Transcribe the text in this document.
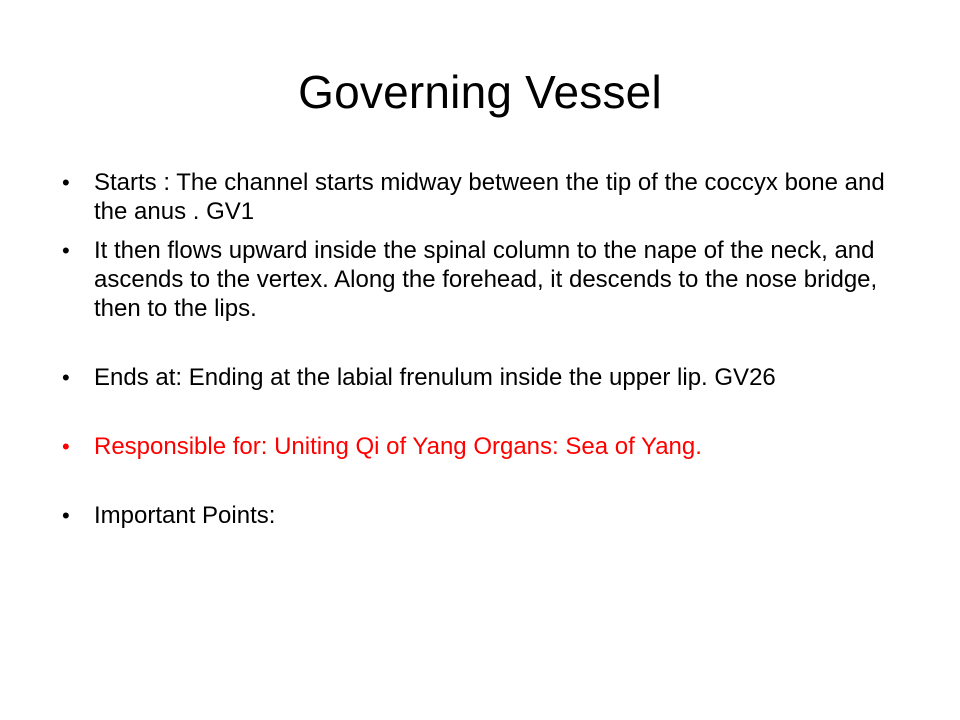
Governing Vessel
•	Starts : The channel starts midway between the tip of the coccyx bone and the anus . GV1
•	It then flows upward inside the spinal column to the nape of the neck, and ascends to the vertex. Along the forehead, it descends to the nose bridge, then to the lips.
•	Ends at: Ending at the labial frenulum inside the upper lip. GV26
•	Responsible for: Uniting Qi of Yang Organs: Sea of Yang.
•	Important Points:
